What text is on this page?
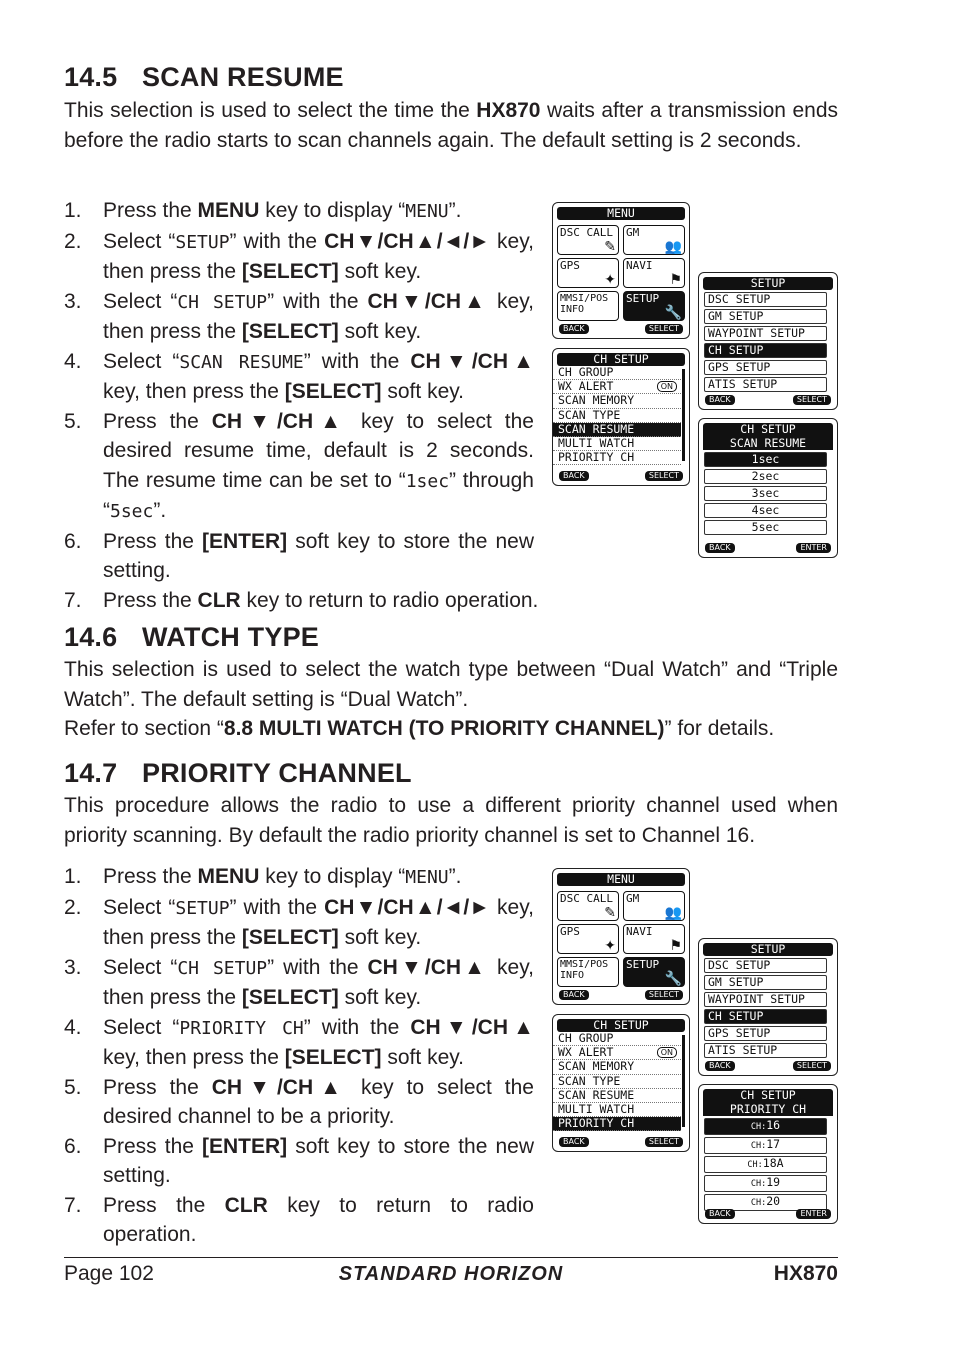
14.5 SCAN RESUME
This selection is used to select the time the HX870 waits after a transmission ends before the radio starts to scan channels again. The default setting is 2 seconds.
1. Press the MENU key to display “MENU”.
2. Select “SETUP” with the CH▼/CH▲/◄/► key, then press the [SELECT] soft key.
3. Select “CH SETUP” with the CH▼/CH▲ key, then press the [SELECT] soft key.
4. Select “SCAN RESUME” with the CH▼/CH▲ key, then press the [SELECT] soft key.
5. Press the CH▼/CH▲ key to select the desired resume time, default is 2 seconds. The resume time can be set to “1sec” through “5sec”.
6. Press the [ENTER] soft key to store the new setting.
7. Press the CLR key to return to radio operation.
MENU
DSC CALL
✎
GM
👥
GPS
✦
NAVI
⚑
MMSI/POS INFO
SETUP
🔧
BACK	SELECT
SETUP
DSC SETUP
GM SETUP
WAYPOINT SETUP
CH SETUP
GPS SETUP
ATIS SETUP
BACK	SELECT
CH SETUP
CH GROUP
WX ALERT	ON
SCAN MEMORY
SCAN TYPE
SCAN RESUME
MULTI WATCH
PRIORITY CH
BACK	SELECT
CH SETUP
SCAN RESUME
1sec
2sec
3sec
4sec
5sec
BACK	ENTER
14.6 WATCH TYPE
This selection is used to select the watch type between “Dual Watch” and “Triple Watch”. The default setting is “Dual Watch”.
Refer to section “8.8 MULTI WATCH (TO PRIORITY CHANNEL)” for details.
14.7 PRIORITY CHANNEL
This procedure allows the radio to use a different priority channel used when priority scanning. By default the radio priority channel is set to Channel 16.
1. Press the MENU key to display “MENU”.
2. Select “SETUP” with the CH▼/CH▲/◄/► key, then press the [SELECT] soft key.
3. Select “CH SETUP” with the CH▼/CH▲ key, then press the [SELECT] soft key.
4. Select “PRIORITY CH” with the CH▼/CH▲ key, then press the [SELECT] soft key.
5. Press the CH▼/CH▲ key to select the desired channel to be a priority.
6. Press the [ENTER] soft key to store the new setting.
7. Press the CLR key to return to radio operation.
MENU
DSC CALL
✎
GM
👥
GPS
✦
NAVI
⚑
MMSI/POS INFO
SETUP
🔧
BACK	SELECT
SETUP
DSC SETUP
GM SETUP
WAYPOINT SETUP
CH SETUP
GPS SETUP
ATIS SETUP
BACK	SELECT
CH SETUP
CH GROUP
WX ALERT	ON
SCAN MEMORY
SCAN TYPE
SCAN RESUME
MULTI WATCH
PRIORITY CH
BACK	SELECT
CH SETUP
PRIORITY CH
CH:16
CH:17
CH:18A
CH:19
CH:20
BACK	ENTER
Page 102	STANDARD HORIZON	HX870
